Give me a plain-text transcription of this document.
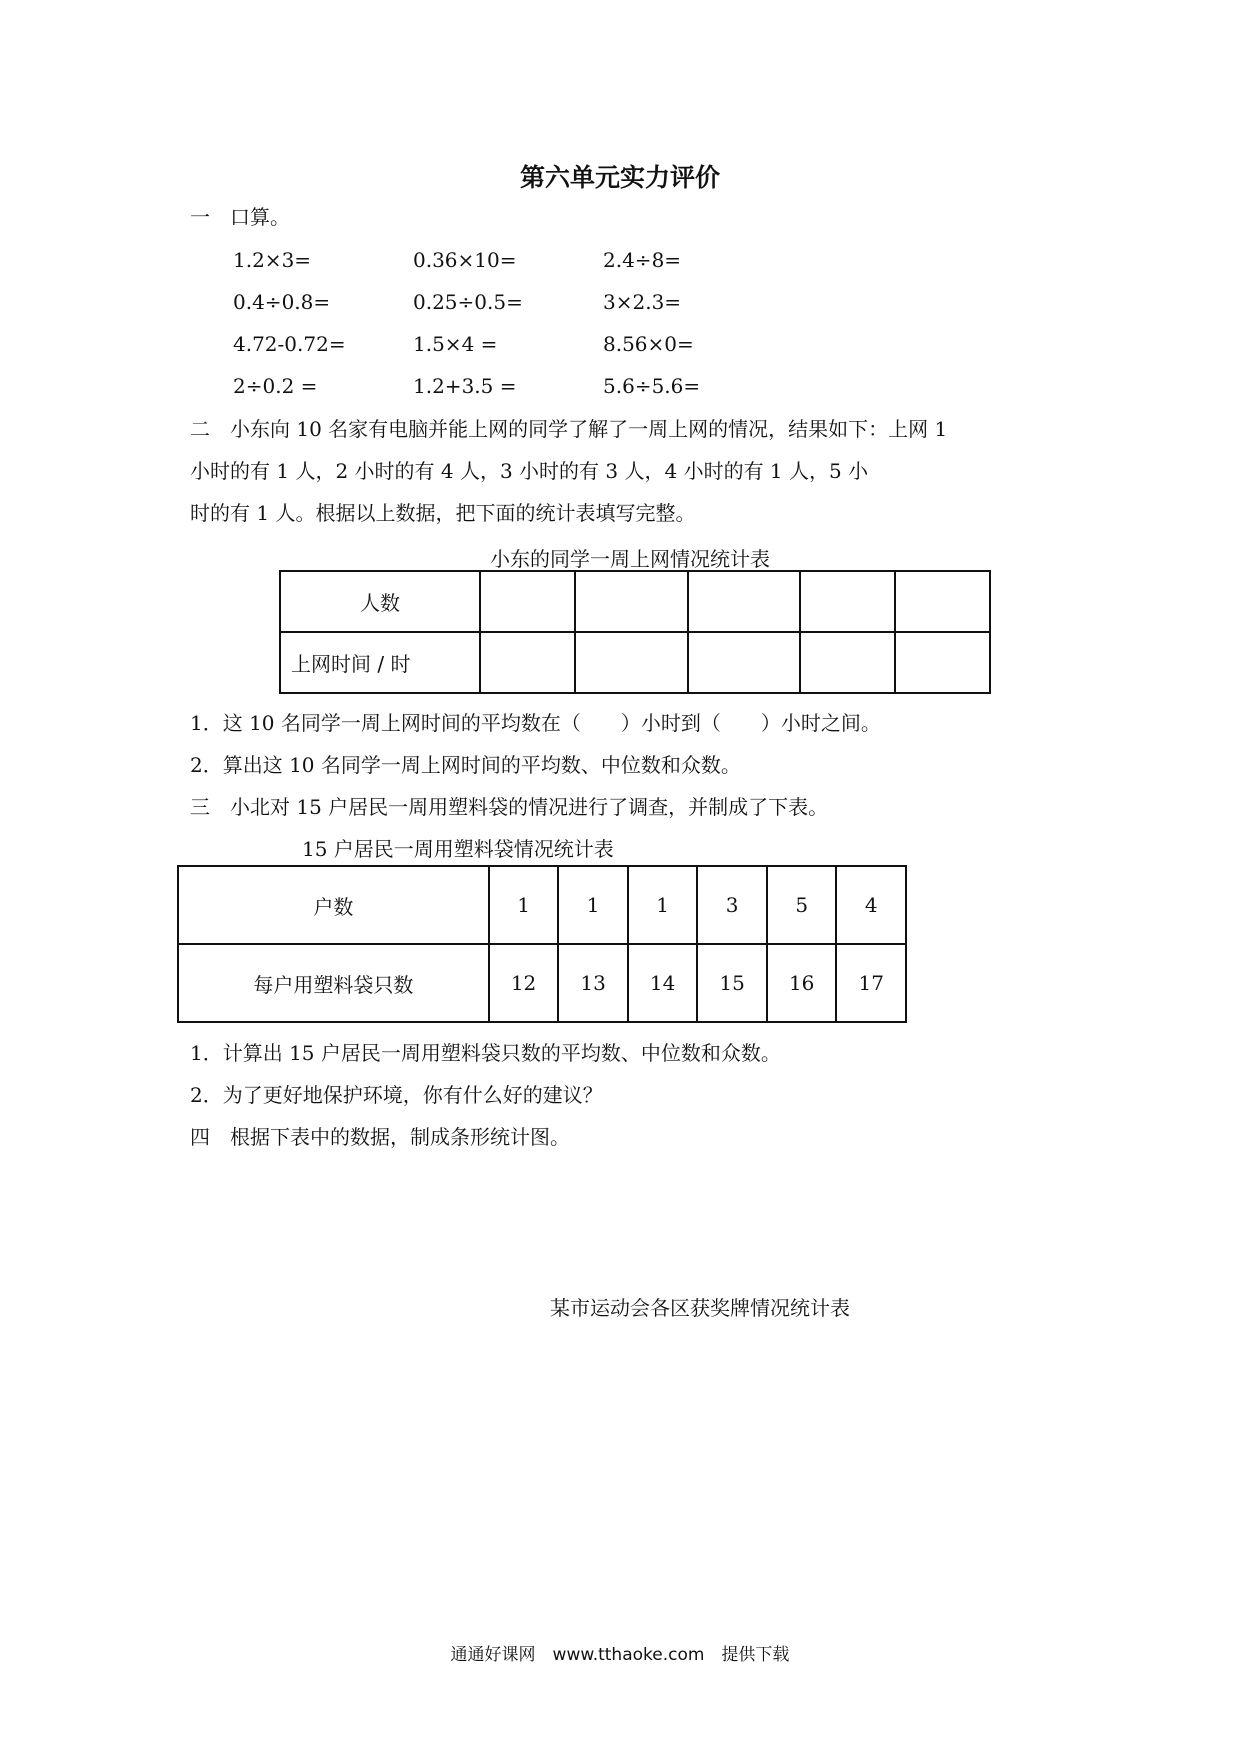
第六单元实力评价
一　口算。
1.2×3=	0.36×10=	2.4÷8=
0.4÷0.8=	0.25÷0.5=	3×2.3=
4.72-0.72=	1.5×4 =	8.56×0=
2÷0.2 =	1.2+3.5 =	5.6÷5.6=
二　小东向 10 名家有电脑并能上网的同学了解了一周上网的情况，结果如下：上网 1
小时的有 1 人，2 小时的有 4 人，3 小时的有 3 人，4 小时的有 1 人，5 小
时的有 1 人。根据以上数据，把下面的统计表填写完整。
小东的同学一周上网情况统计表
人数					
上网时间 / 时					
1．这 10 名同学一周上网时间的平均数在（　　）小时到（　　）小时之间。
2．算出这 10 名同学一周上网时间的平均数、中位数和众数。
三　小北对 15 户居民一周用塑料袋的情况进行了调查，并制成了下表。
15 户居民一周用塑料袋情况统计表
户数	1	1	1	3	5	4
每户用塑料袋只数	12	13	14	15	16	17
1．计算出 15 户居民一周用塑料袋只数的平均数、中位数和众数。
2．为了更好地保护环境，你有什么好的建议？
四　根据下表中的数据，制成条形统计图。
某市运动会各区获奖牌情况统计表
通通好课网　www.tthaoke.com　提供下载
